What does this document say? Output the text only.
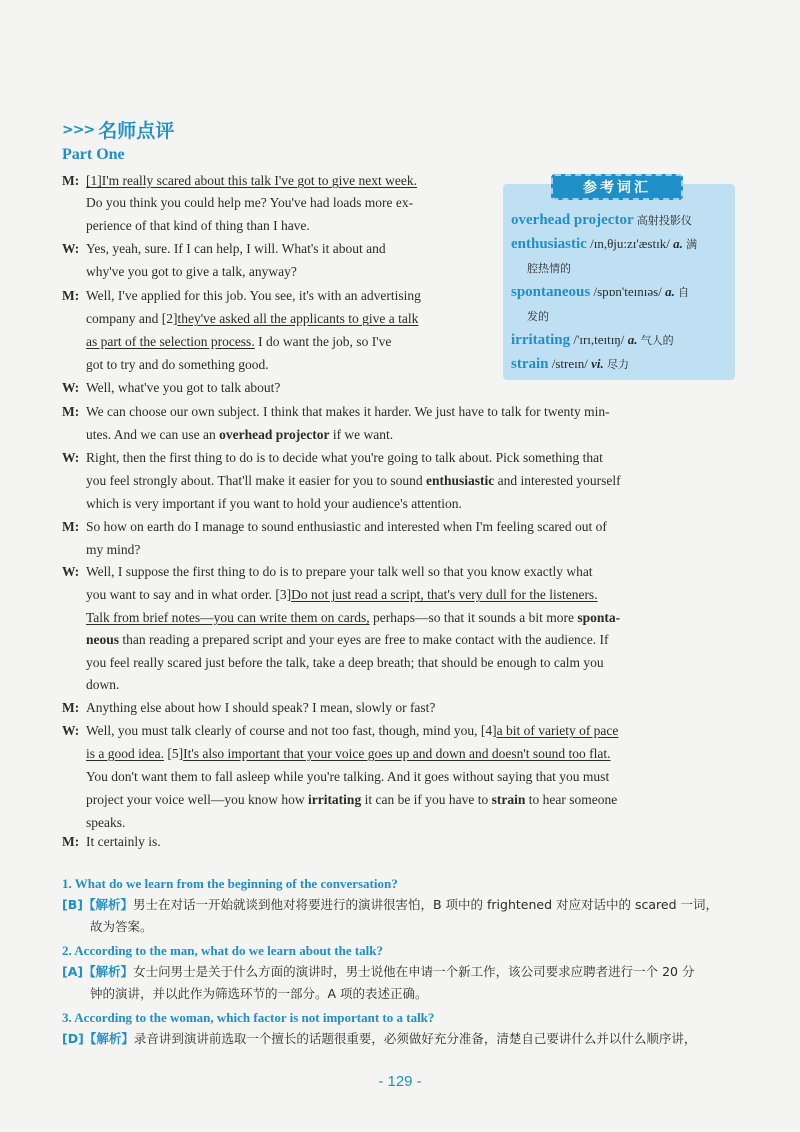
>>> 名师点评
Part One
参考词汇
overhead projector 高射投影仪
enthusiastic /ɪn,θju:zɪ'æstɪk/ a. 满
腔热情的
spontaneous /spɒn'teɪnɪəs/ a. 自
发的
irritating /'ɪrɪ,teɪtɪŋ/ a. 气人的
strain /streɪn/ vi. 尽力
M: [1]I'm really scared about this talk I've got to give next week.
Do you think you could help me? You've had loads more ex-
perience of that kind of thing than I have.
W: Yes, yeah, sure. If I can help, I will. What's it about and
why've you got to give a talk, anyway?
M: Well, I've applied for this job. You see, it's with an advertising
company and [2]they've asked all the applicants to give a talk
as part of the selection process. I do want the job, so I've
got to try and do something good.
W: Well, what've you got to talk about?
M: We can choose our own subject. I think that makes it harder. We just have to talk for twenty min-
utes. And we can use an overhead projector if we want.
W: Right, then the first thing to do is to decide what you're going to talk about. Pick something that
you feel strongly about. That'll make it easier for you to sound enthusiastic and interested yourself
which is very important if you want to hold your audience's attention.
M: So how on earth do I manage to sound enthusiastic and interested when I'm feeling scared out of
my mind?
W: Well, I suppose the first thing to do is to prepare your talk well so that you know exactly what
you want to say and in what order. [3]Do not just read a script, that's very dull for the listeners.
Talk from brief notes—you can write them on cards, perhaps—so that it sounds a bit more sponta-
neous than reading a prepared script and your eyes are free to make contact with the audience. If
you feel really scared just before the talk, take a deep breath; that should be enough to calm you
down.
M: Anything else about how I should speak? I mean, slowly or fast?
W: Well, you must talk clearly of course and not too fast, though, mind you, [4]a bit of variety of pace
is a good idea. [5]It's also important that your voice goes up and down and doesn't sound too flat.
You don't want them to fall asleep while you're talking. And it goes without saying that you must
project your voice well—you know how irritating it can be if you have to strain to hear someone
speaks.
M: It certainly is.
1. What do we learn from the beginning of the conversation?
[B]【解析】男士在对话一开始就谈到他对将要进行的演讲很害怕，B 项中的 frightened 对应对话中的 scared 一词，
故为答案。
2. According to the man, what do we learn about the talk?
[A]【解析】女士问男士是关于什么方面的演讲时，男士说他在申请一个新工作，该公司要求应聘者进行一个 20 分
钟的演讲，并以此作为筛选环节的一部分。A 项的表述正确。
3. According to the woman, which factor is not important to a talk?
[D]【解析】录音讲到演讲前选取一个擅长的话题很重要，必须做好充分准备，清楚自己要讲什么并以什么顺序讲，
- 129 -
